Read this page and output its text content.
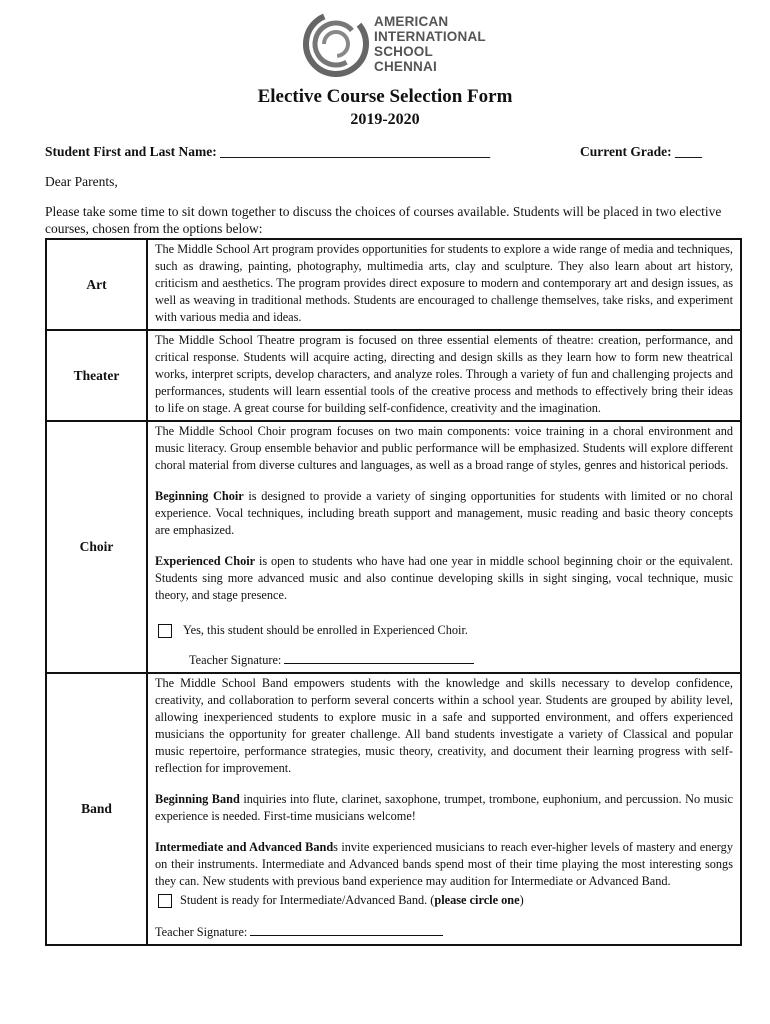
AMERICAN
INTERNATIONAL
SCHOOL
CHENNAI
Elective Course Selection Form
2019-2020
Student First and Last Name: ________________________________________	Current Grade: ____
Dear Parents,
Please take some time to sit down together to discuss the choices of courses available. Students will be placed in two elective courses, chosen from the options below:
Art	The Middle School Art program provides opportunities for students to explore a wide range of media and techniques, such as drawing, painting, photography, multimedia arts, clay and sculpture. They also learn about art history, criticism and aesthetics. The program provides direct exposure to modern and contemporary art and design issues, as well as weaving in traditional methods. Students are encouraged to challenge themselves, take risks, and experiment with various media and ideas.

Theater	The Middle School Theatre program is focused on three essential elements of theatre: creation, performance, and critical response. Students will acquire acting, directing and design skills as they learn how to form new theatrical works, interpret scripts, develop characters, and analyze roles. Through a variety of fun and challenging projects and performances, students will learn essential tools of the creative process and methods to effectively bring their ideas to life on stage. A great course for building self-confidence, creativity and the imagination.

Choir	The Middle School Choir program focuses on two main components: voice training in a choral environment and music literacy. Group ensemble behavior and public performance will be emphasized. Students will explore different choral material from diverse cultures and languages, as well as a broad range of styles, genres and historical periods.

Beginning Choir is designed to provide a variety of singing opportunities for students with limited or no choral experience. Vocal techniques, including breath support and management, music reading and basic theory concepts are emphasized.

Experienced Choir is open to students who have had one year in middle school beginning choir or the equivalent. Students sing more advanced music and also continue developing skills in sight singing, vocal technique, music theory, and stage presence.

Yes, this student should be enrolled in Experienced Choir.
Teacher Signature:

Band	The Middle School Band empowers students with the knowledge and skills necessary to develop confidence, creativity, and collaboration to perform several concerts within a school year. Students are grouped by ability level, allowing inexperienced students to explore music in a safe and supported environment, and offers experienced musicians the opportunity for greater challenge. All band students investigate a variety of Classical and popular music repertoire, performance strategies, music theory, creativity, and document their learning progress with self-reflection for improvement.

Beginning Band inquiries into flute, clarinet, saxophone, trumpet, trombone, euphonium, and percussion. No music experience is needed. First-time musicians welcome!

Intermediate and Advanced Bands invite experienced musicians to reach ever-higher levels of mastery and energy on their instruments. Intermediate and Advanced bands spend most of their time playing the most interesting songs they can. New students with previous band experience may audition for Intermediate or Advanced Band.

Student is ready for Intermediate/Advanced Band. (please circle one)
Teacher Signature:
